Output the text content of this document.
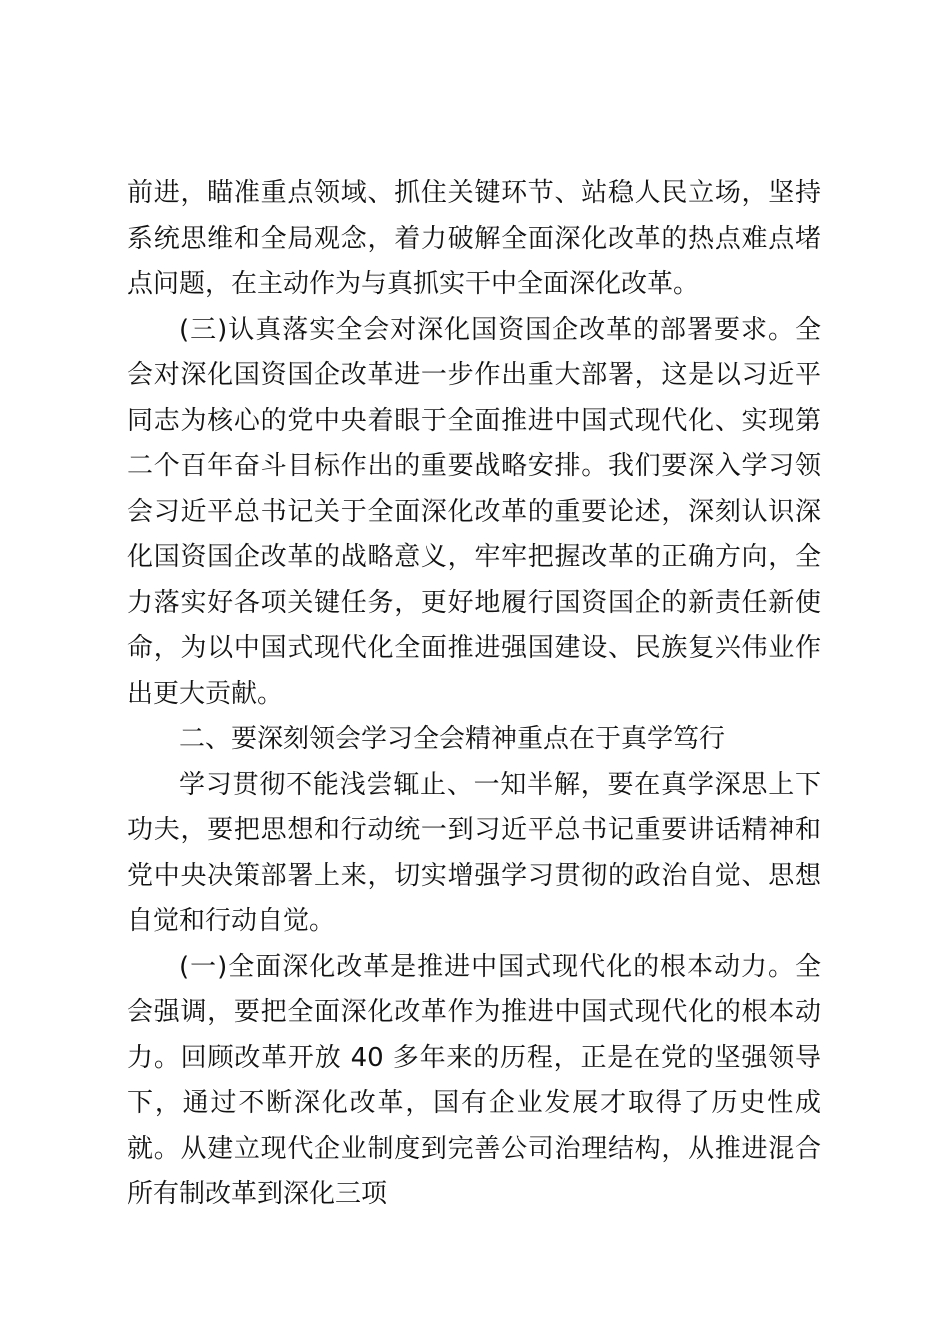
前进，瞄准重点领域、抓住关键环节、站稳人民立场，坚持系统思维和全局观念，着力破解全面深化改革的热点难点堵点问题，在主动作为与真抓实干中全面深化改革。

(三)认真落实全会对深化国资国企改革的部署要求。全会对深化国资国企改革进一步作出重大部署，这是以习近平同志为核心的党中央着眼于全面推进中国式现代化、实现第二个百年奋斗目标作出的重要战略安排。我们要深入学习领会习近平总书记关于全面深化改革的重要论述，深刻认识深化国资国企改革的战略意义，牢牢把握改革的正确方向，全力落实好各项关键任务，更好地履行国资国企的新责任新使命，为以中国式现代化全面推进强国建设、民族复兴伟业作出更大贡献。

二、要深刻领会学习全会精神重点在于真学笃行

学习贯彻不能浅尝辄止、一知半解，要在真学深思上下功夫，要把思想和行动统一到习近平总书记重要讲话精神和党中央决策部署上来，切实增强学习贯彻的政治自觉、思想自觉和行动自觉。

(一)全面深化改革是推进中国式现代化的根本动力。全会强调，要把全面深化改革作为推进中国式现代化的根本动力。回顾改革开放 40 多年来的历程，正是在党的坚强领导下，通过不断深化改革，国有企业发展才取得了历史性成就。从建立现代企业制度到完善公司治理结构，从推进混合所有制改革到深化三项
